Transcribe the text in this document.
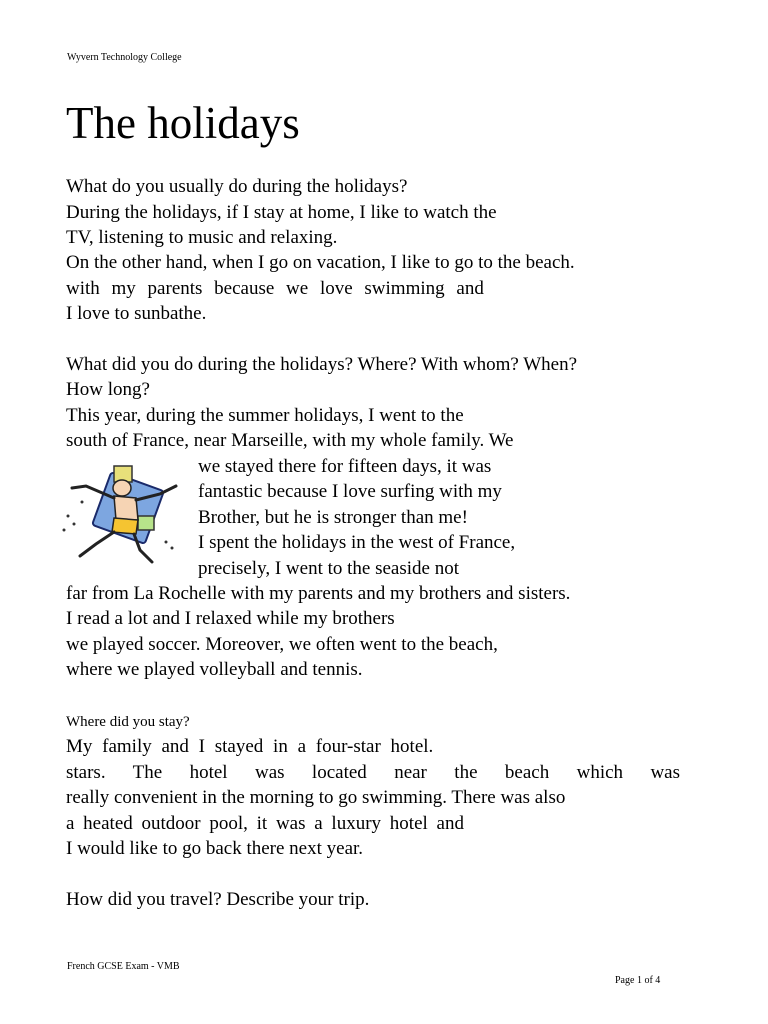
Wyvern Technology College
The holidays
What do you usually do during the holidays?
During the holidays, if I stay at home, I like to watch the
TV, listening to music and relaxing.
On the other hand, when I go on vacation, I like to go to the beach.
with my parents because we love swimming and
I love to sunbathe.
What did you do during the holidays? Where? With whom? When?
How long?
This year, during the summer holidays, I went to the
south of France, near Marseille, with my whole family. We
we stayed there for fifteen days, it was
fantastic because I love surfing with my
Brother, but he is stronger than me!
I spent the holidays in the west of France,
precisely, I went to the seaside not
far from La Rochelle with my parents and my brothers and sisters.
I read a lot and I relaxed while my brothers
we played soccer. Moreover, we often went to the beach,
where we played volleyball and tennis.
Where did you stay?
My family and I stayed in a four-star hotel.
stars. The hotel was located near the beach which was
really convenient in the morning to go swimming. There was also
a heated outdoor pool, it was a luxury hotel and
I would like to go back there next year.
How did you travel? Describe your trip.
French GCSE Exam - VMB
Page 1 of 4
